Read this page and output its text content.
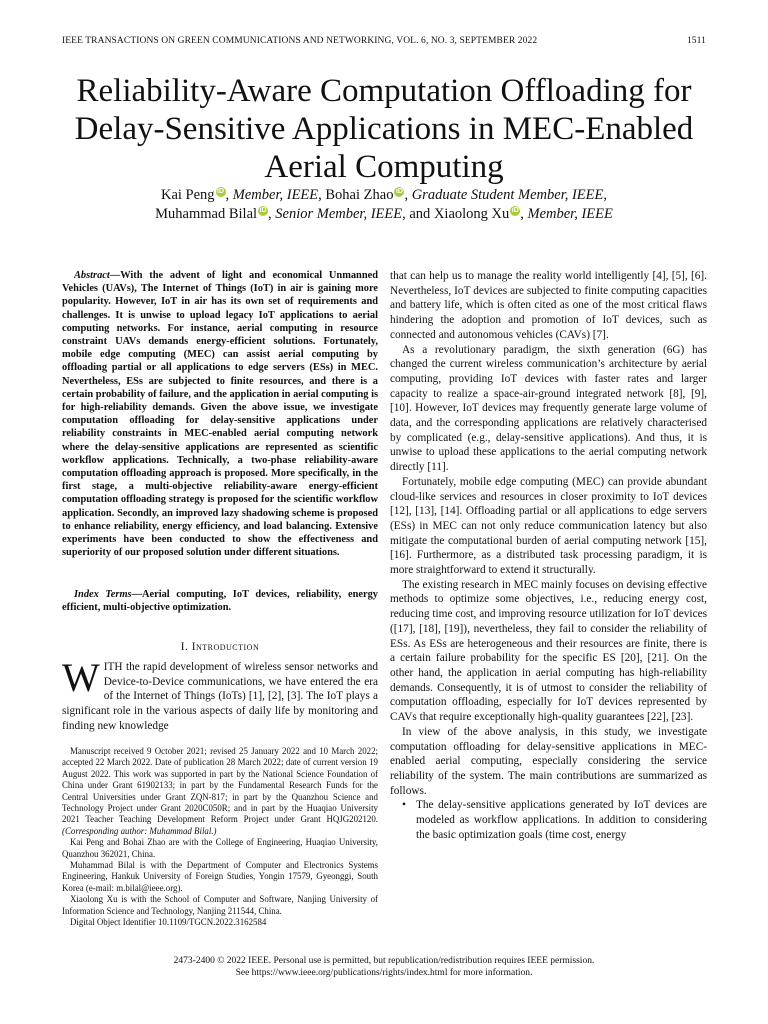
IEEE TRANSACTIONS ON GREEN COMMUNICATIONS AND NETWORKING, VOL. 6, NO. 3, SEPTEMBER 2022	1511
Reliability-Aware Computation Offloading for Delay-Sensitive Applications in MEC-Enabled Aerial Computing
Kai Peng iD , Member, IEEE, Bohai Zhao iD , Graduate Student Member, IEEE,
Muhammad Bilal iD , Senior Member, IEEE, and Xiaolong Xu iD , Member, IEEE
Abstract—With the advent of light and economical Unmanned Vehicles (UAVs), The Internet of Things (IoT) in air is gaining more popularity. However, IoT in air has its own set of requirements and challenges. It is unwise to upload legacy IoT applications to aerial computing networks. For instance, aerial computing in resource constraint UAVs demands energy-efficient solutions. Fortunately, mobile edge computing (MEC) can assist aerial computing by offloading partial or all applications to edge servers (ESs) in MEC. Nevertheless, ESs are subjected to finite resources, and there is a certain probability of failure, and the application in aerial computing is for high-reliability demands. Given the above issue, we investigate computation offloading for delay-sensitive applications under reliability constraints in MEC-enabled aerial computing network where the delay-sensitive applications are represented as scientific workflow applications. Technically, a two-phase reliability-aware computation offloading approach is proposed. More specifically, in the first stage, a multi-objective reliability-aware energy-efficient computation offloading strategy is proposed for the scientific workflow application. Secondly, an improved lazy shadowing scheme is proposed to enhance reliability, energy efficiency, and load balancing. Extensive experiments have been conducted to show the effectiveness and superiority of our proposed solution under different situations.
Index Terms—Aerial computing, IoT devices, reliability, energy efficient, multi-objective optimization.
I. Introduction
WITH the rapid development of wireless sensor networks and Device-to-Device communications, we have entered the era of the Internet of Things (IoTs) [1], [2], [3]. The IoT plays a significant role in the various aspects of daily life by monitoring and finding new knowledge

Manuscript received 9 October 2021; revised 25 January 2022 and 10 March 2022; accepted 22 March 2022. Date of publication 28 March 2022; date of current version 19 August 2022. This work was supported in part by the National Science Foundation of China under Grant 61902133; in part by the Fundamental Research Funds for the Central Universities under Grant ZQN-817; in part by the Quanzhou Science and Technology Project under Grant 2020C050R; and in part by the Huaqiao University 2021 Teacher Teaching Development Reform Project under Grant HQJG202120. (Corresponding author: Muhammad Bilal.)

Kai Peng and Bohai Zhao are with the College of Engineering, Huaqiao University, Quanzhou 362021, China.

Muhammad Bilal is with the Department of Computer and Electronics Systems Engineering, Hankuk University of Foreign Studies, Yongin 17579, Gyeonggi, South Korea (e-mail: m.bilal@ieee.org).

Xiaolong Xu is with the School of Computer and Software, Nanjing University of Information Science and Technology, Nanjing 211544, China.

Digital Object Identifier 10.1109/TGCN.2022.3162584

that can help us to manage the reality world intelligently [4], [5], [6]. Nevertheless, IoT devices are subjected to finite computing capacities and battery life, which is often cited as one of the most critical flaws hindering the adoption and promotion of IoT devices, such as connected and autonomous vehicles (CAVs) [7].

As a revolutionary paradigm, the sixth generation (6G) has changed the current wireless communication’s architecture by aerial computing, providing IoT devices with faster rates and larger capacity to realize a space-air-ground integrated network [8], [9], [10]. However, IoT devices may frequently generate large volume of data, and the corresponding applications are relatively characterised by complicated (e.g., delay-sensitive applications). And thus, it is unwise to upload these applications to the aerial computing network directly [11].

Fortunately, mobile edge computing (MEC) can provide abundant cloud-like services and resources in closer proximity to IoT devices [12], [13], [14]. Offloading partial or all applications to edge servers (ESs) in MEC can not only reduce communication latency but also mitigate the computational burden of aerial computing network [15], [16]. Furthermore, as a distributed task processing paradigm, it is more straightforward to extend it structurally.

The existing research in MEC mainly focuses on devising effective methods to optimize some objectives, i.e., reducing energy cost, reducing time cost, and improving resource utilization for IoT devices ([17], [18], [19]), nevertheless, they fail to consider the reliability of ESs. As ESs are heterogeneous and their resources are finite, there is a certain failure probability for the specific ES [20], [21]. On the other hand, the application in aerial computing has high-reliability demands. Consequently, it is of utmost to consider the reliability of computation offloading, especially for IoT devices represented by CAVs that require exceptionally high-quality guarantees [22], [23].

In view of the above analysis, in this study, we investigate computation offloading for delay-sensitive applications in MEC-enabled aerial computing, especially considering the service reliability of the system. The main contributions are summarized as follows.

• The delay-sensitive applications generated by IoT devices are modeled as workflow applications. In addition to considering the basic optimization goals (time cost, energy
2473-2400 © 2022 IEEE. Personal use is permitted, but republication/redistribution requires IEEE permission.
See https://www.ieee.org/publications/rights/index.html for more information.
